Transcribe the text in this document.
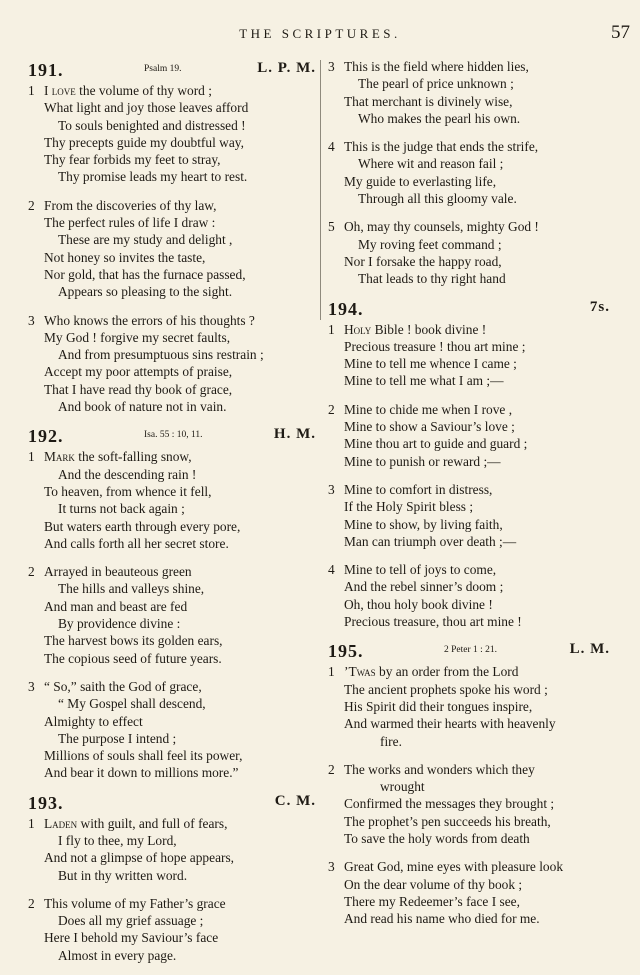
THE SCRIPTURES.	57
191.	Psalm 19.	L. P. M.
1 I love the volume of thy word ;
What light and joy those leaves afford
To souls benighted and distressed !
Thy precepts guide my doubtful way,
Thy fear forbids my feet to stray,
Thy promise leads my heart to rest.
2 From the discoveries of thy law,
The perfect rules of life I draw :
These are my study and delight ,
Not honey so invites the taste,
Nor gold, that has the furnace passed,
Appears so pleasing to the sight.
3 Who knows the errors of his thoughts ?
My God ! forgive my secret faults,
And from presumptuous sins restrain ;
Accept my poor attempts of praise,
That I have read thy book of grace,
And book of nature not in vain.
192.	Isa. 55 : 10, 11.	H. M.
1 Mark the soft-falling snow,
And the descending rain !
To heaven, from whence it fell,
It turns not back again ;
But waters earth through every pore,
And calls forth all her secret store.
2 Arrayed in beauteous green
The hills and valleys shine,
And man and beast are fed
By providence divine :
The harvest bows its golden ears,
The copious seed of future years.
3 “ So,” saith the God of grace,
“ My Gospel shall descend,
Almighty to effect
The purpose I intend ;
Millions of souls shall feel its power,
And bear it down to millions more.”
193.	C. M.
1 Laden with guilt, and full of fears,
I fly to thee, my Lord,
And not a glimpse of hope appears,
But in thy written word.
2 This volume of my Father’s grace
Does all my grief assuage ;
Here I behold my Saviour’s face
Almost in every page.
3 This is the field where hidden lies,
The pearl of price unknown ;
That merchant is divinely wise,
Who makes the pearl his own.
4 This is the judge that ends the strife,
Where wit and reason fail ;
My guide to everlasting life,
Through all this gloomy vale.
5 Oh, may thy counsels, mighty God !
My roving feet command ;
Nor I forsake the happy road,
That leads to thy right hand
194.	7s.
1 Holy Bible ! book divine !
Precious treasure ! thou art mine ;
Mine to tell me whence I came ;
Mine to tell me what I am ;—
2 Mine to chide me when I rove ,
Mine to show a Saviour’s love ;
Mine thou art to guide and guard ;
Mine to punish or reward ;—
3 Mine to comfort in distress,
If the Holy Spirit bless ;
Mine to show, by living faith,
Man can triumph over death ;—
4 Mine to tell of joys to come,
And the rebel sinner’s doom ;
Oh, thou holy book divine !
Precious treasure, thou art mine !
195.	2 Peter 1 : 21.	L. M.
1 ’Twas by an order from the Lord
The ancient prophets spoke his word ;
His Spirit did their tongues inspire,
And warmed their hearts with heavenly
fire.
2 The works and wonders which they
wrought
Confirmed the messages they brought ;
The prophet’s pen succeeds his breath,
To save the holy words from death
3 Great God, mine eyes with pleasure look
On the dear volume of thy book ;
There my Redeemer’s face I see,
And read his name who died for me.
